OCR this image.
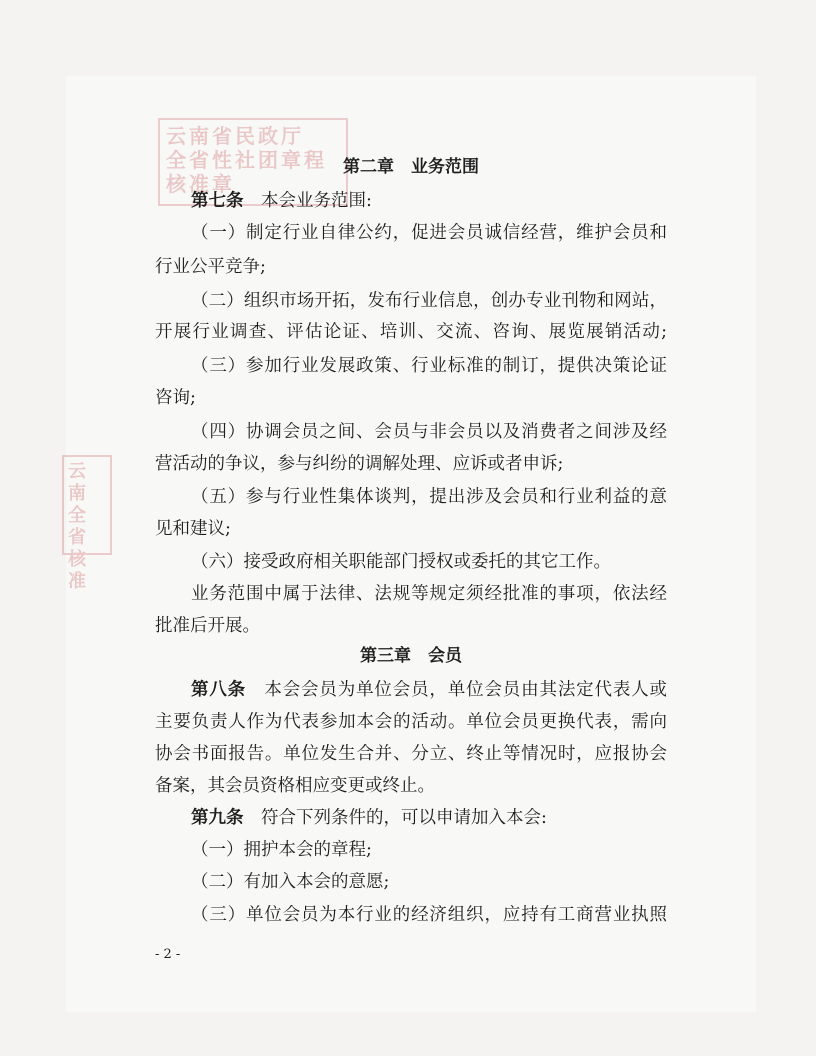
云南省民政厅
全省性社团章程
核准章
云南
全省
核准
第二章　业务范围
第七条　 本会业务范围:
（一）制定行业自律公约，促进会员诚信经营，维护会员和
行业公平竞争;
（二）组织市场开拓，发布行业信息，创办专业刊物和网站，
开展行业调查、评估论证、培训、交流、咨询、展览展销活动;
（三）参加行业发展政策、行业标准的制订，提供决策论证
咨询;
（四）协调会员之间、会员与非会员以及消费者之间涉及经
营活动的争议，参与纠纷的调解处理、应诉或者申诉;
（五）参与行业性集体谈判，提出涉及会员和行业利益的意
见和建议;
（六）接受政府相关职能部门授权或委托的其它工作。
业务范围中属于法律、法规等规定须经批准的事项，依法经
批准后开展。
第三章　会员
第八条　 本会会员为单位会员，单位会员由其法定代表人或
主要负责人作为代表参加本会的活动。单位会员更换代表，需向
协会书面报告。单位发生合并、分立、终止等情况时，应报协会
备案，其会员资格相应变更或终止。
第九条　 符合下列条件的，可以申请加入本会:
（一）拥护本会的章程;
（二）有加入本会的意愿;
（三）单位会员为本行业的经济组织，应持有工商营业执照
- 2 -
